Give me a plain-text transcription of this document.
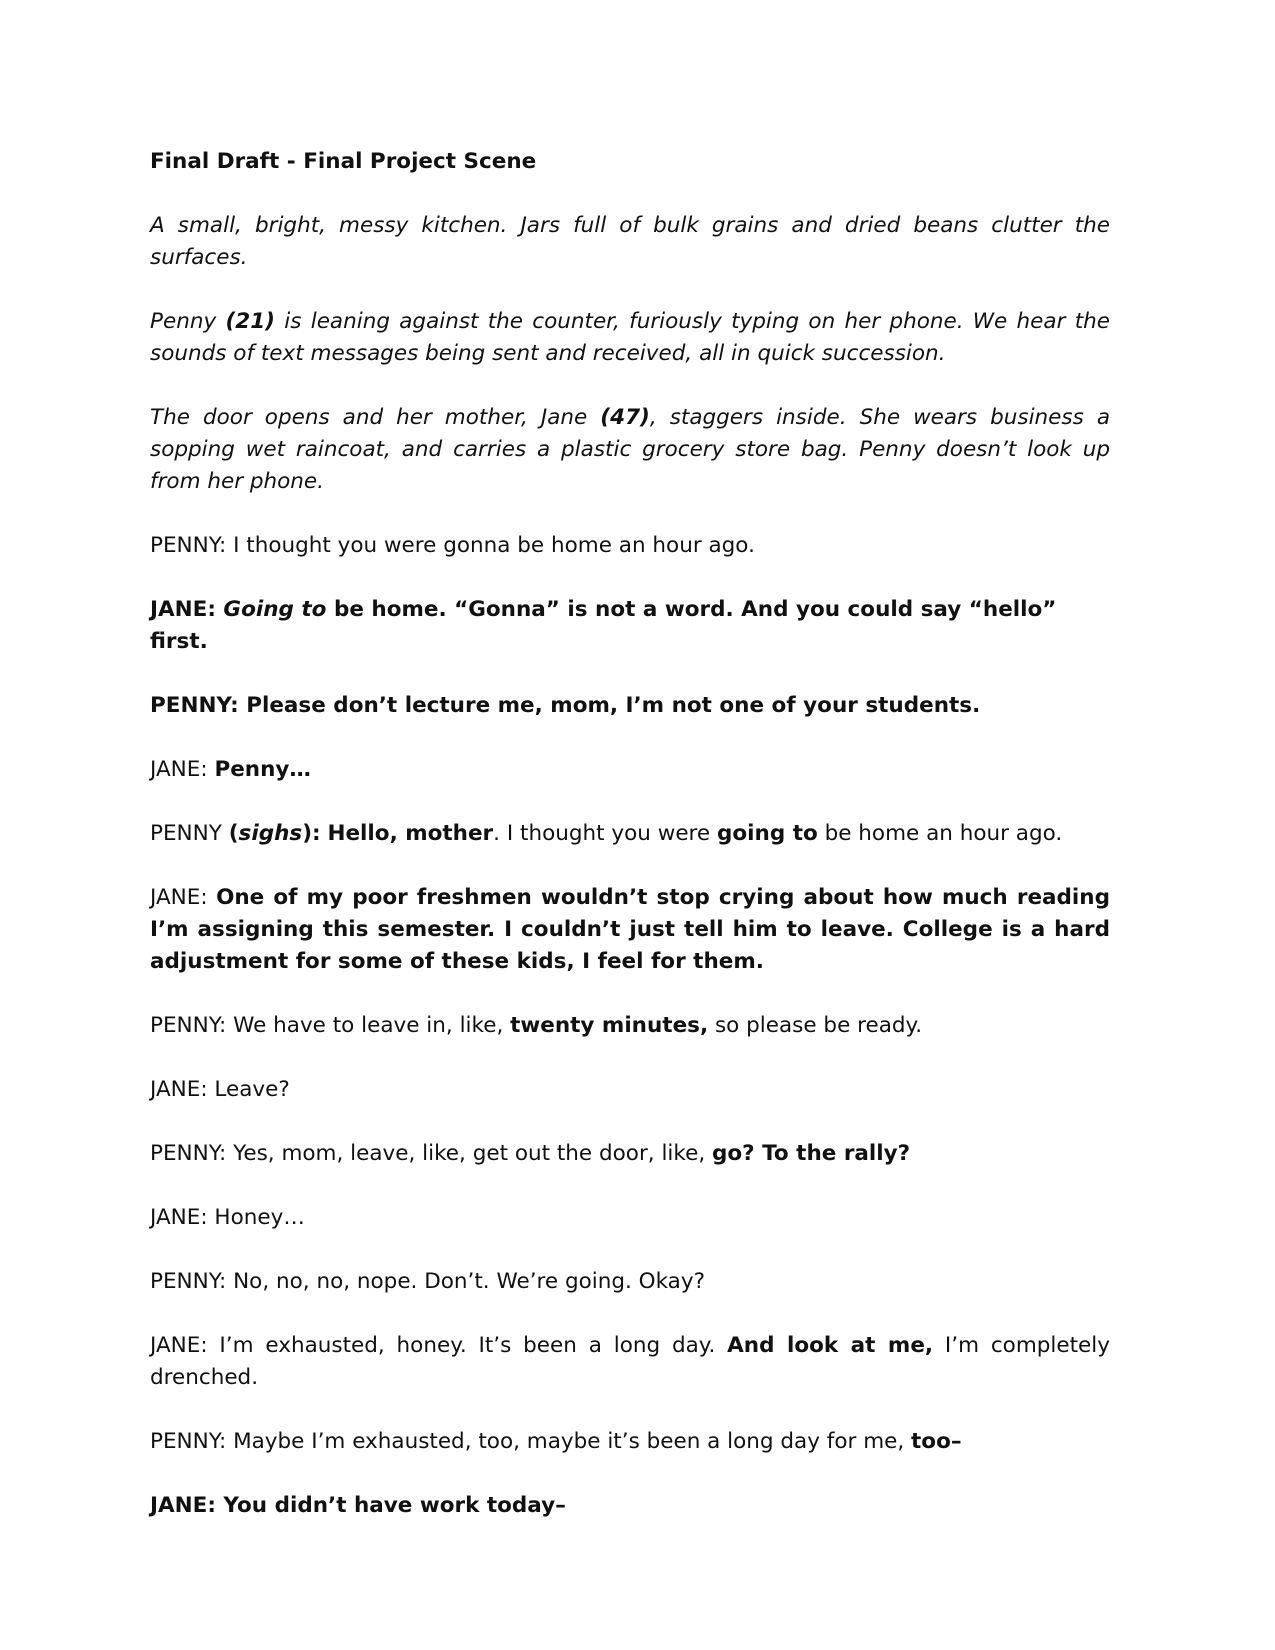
Final Draft - Final Project Scene

A small, bright, messy kitchen. Jars full of bulk grains and dried beans clutter the surfaces.

Penny (21) is leaning against the counter, furiously typing on her phone. We hear the sounds of text messages being sent and received, all in quick succession.

The door opens and her mother, Jane (47), staggers inside. She wears business a sopping wet raincoat, and carries a plastic grocery store bag. Penny doesn’t look up from her phone.

PENNY: I thought you were gonna be home an hour ago.

JANE: Going to be home. “Gonna” is not a word. And you could say “hello” first.

PENNY: Please don’t lecture me, mom, I’m not one of your students.

JANE: Penny…

PENNY (sighs): Hello, mother. I thought you were going to be home an hour ago.

JANE: One of my poor freshmen wouldn’t stop crying about how much reading I’m assigning this semester. I couldn’t just tell him to leave. College is a hard adjustment for some of these kids, I feel for them.

PENNY: We have to leave in, like, twenty minutes, so please be ready.

JANE: Leave?

PENNY: Yes, mom, leave, like, get out the door, like, go? To the rally?

JANE: Honey…

PENNY: No, no, no, nope. Don’t. We’re going. Okay?

JANE: I’m exhausted, honey. It’s been a long day. And look at me, I’m completely drenched.

PENNY: Maybe I’m exhausted, too, maybe it’s been a long day for me, too–

JANE: You didn’t have work today–
